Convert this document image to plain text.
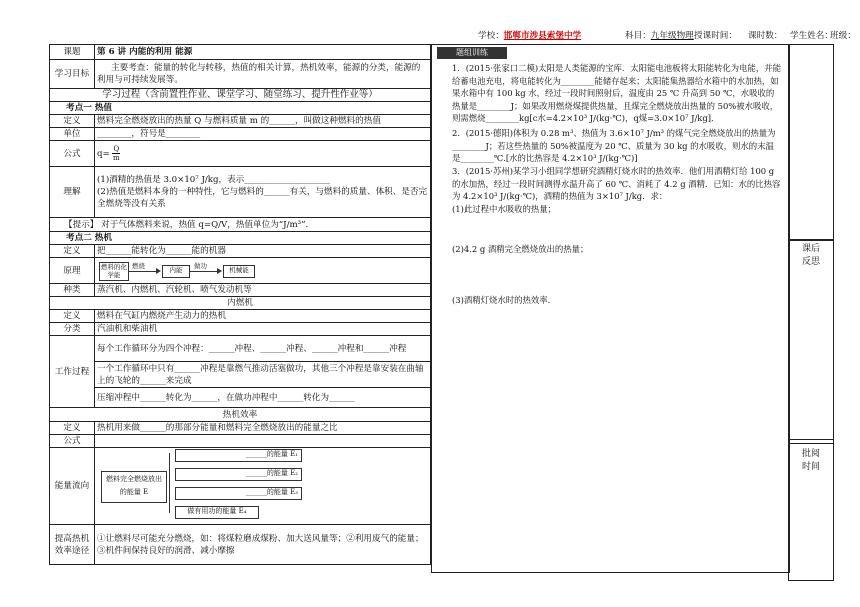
课题	第 6 讲 内能的利用 能源
学习目标	主要考查：能量的转化与转移，热值的相关计算，热机效率，能源的分类，能源的利用与可持续发展等。
学习过程（含前置性作业、课堂学习、随堂练习、提升性作业等）	
考点一 热值	
定义	燃料完全燃烧放出的热量 Q 与燃料质量 m 的______，叫做这种燃料的热值
单位	________，符号是________
公式	$q= \frac{Q}{m}$

理解	(1)酒精的热值是 3.0×10⁷ J/kg，表示____________________
(2)热值是燃料本身的一种特性，它与燃料的______有关，与燃料的质量、体积、是否完全燃烧等没有关系

【提示】 对于气体燃料来说，热值 q=Q/V，热值单位为“J/m³”．	
考点二 热机	
定义	把______能转化为______能的机器
原理	燃料的化学能
燃烧 内能 做功 机械能

种类	蒸汽机、内燃机、汽轮机、喷气发动机等
内燃机	
定义	燃料在气缸内燃烧产生动力的热机
分类	汽油机和柴油机
工作过程	每个工作循环分为四个冲程：______冲程、______冲程、______冲程和______冲程
	一个工作循环中只有______冲程是靠燃气推动活塞做功，其他三个冲程是靠安装在曲轴上的飞轮的______来完成
	压缩冲程中______转化为______，在做功冲程中______转化为______
热机效率	
定义	热机用来做______的那部分能量和燃料完全燃烧放出的能量之比
公式	
能量流向	燃料完全燃烧放出的能量 E
______的能量 E₁
______的能量 E₂
______的能量 E₃
做有用功的能量 E₄

提高热机效率途径	①让燃料尽可能充分燃烧，如：将煤粒磨成煤粉、加大送风量等；②利用废气的能量；③机件间保持良好的润滑、减小摩擦
题组训练
1．(2015·张家口二模)太阳是人类能源的宝库．太阳能电池板将太阳能转化为电能，并能给蓄电池充电，将电能转化为________能储存起来；太阳能集热器给水箱中的水加热，如果水箱中有 100 kg 水，经过一段时间照射后，温度由 25 ℃ 升高到 50 ℃，水吸收的热量是________J；如果改用燃烧煤提供热量，且煤完全燃烧放出热量的 50%被水吸收，则需燃烧________kg[c水=4.2×10³ J/(kg·℃)，q煤=3.0×10⁷ J/kg]．
2．(2015·德阳)体积为 0.28 m³、热值为 3.6×10⁷ J/m³ 的煤气完全燃烧放出的热量为________J；若这些热量的 50%被温度为 20 ℃、质量为 30 kg 的水吸收，则水的末温是________℃.[水的比热容是 4.2×10³ J/(kg·℃)]
3．(2015·苏州)某学习小组同学想研究酒精灯烧水时的热效率．他们用酒精灯给 100 g 的水加热，经过一段时间测得水温升高了 60 ℃、消耗了 4.2 g 酒精．已知：水的比热容为 4.2×10³ J/(kg·℃)，酒精的热值为 3×10⁷ J/kg．求：
(1)此过程中水吸收的热量；
(2)4.2 g 酒精完全燃烧放出的热量；
(3)酒精灯烧水时的热效率.
课后反思
批阅时间
学校：邯郸市涉县索堡中学	科目：九年级物理 授课时间： 课时数： 学生姓名：
班级：
